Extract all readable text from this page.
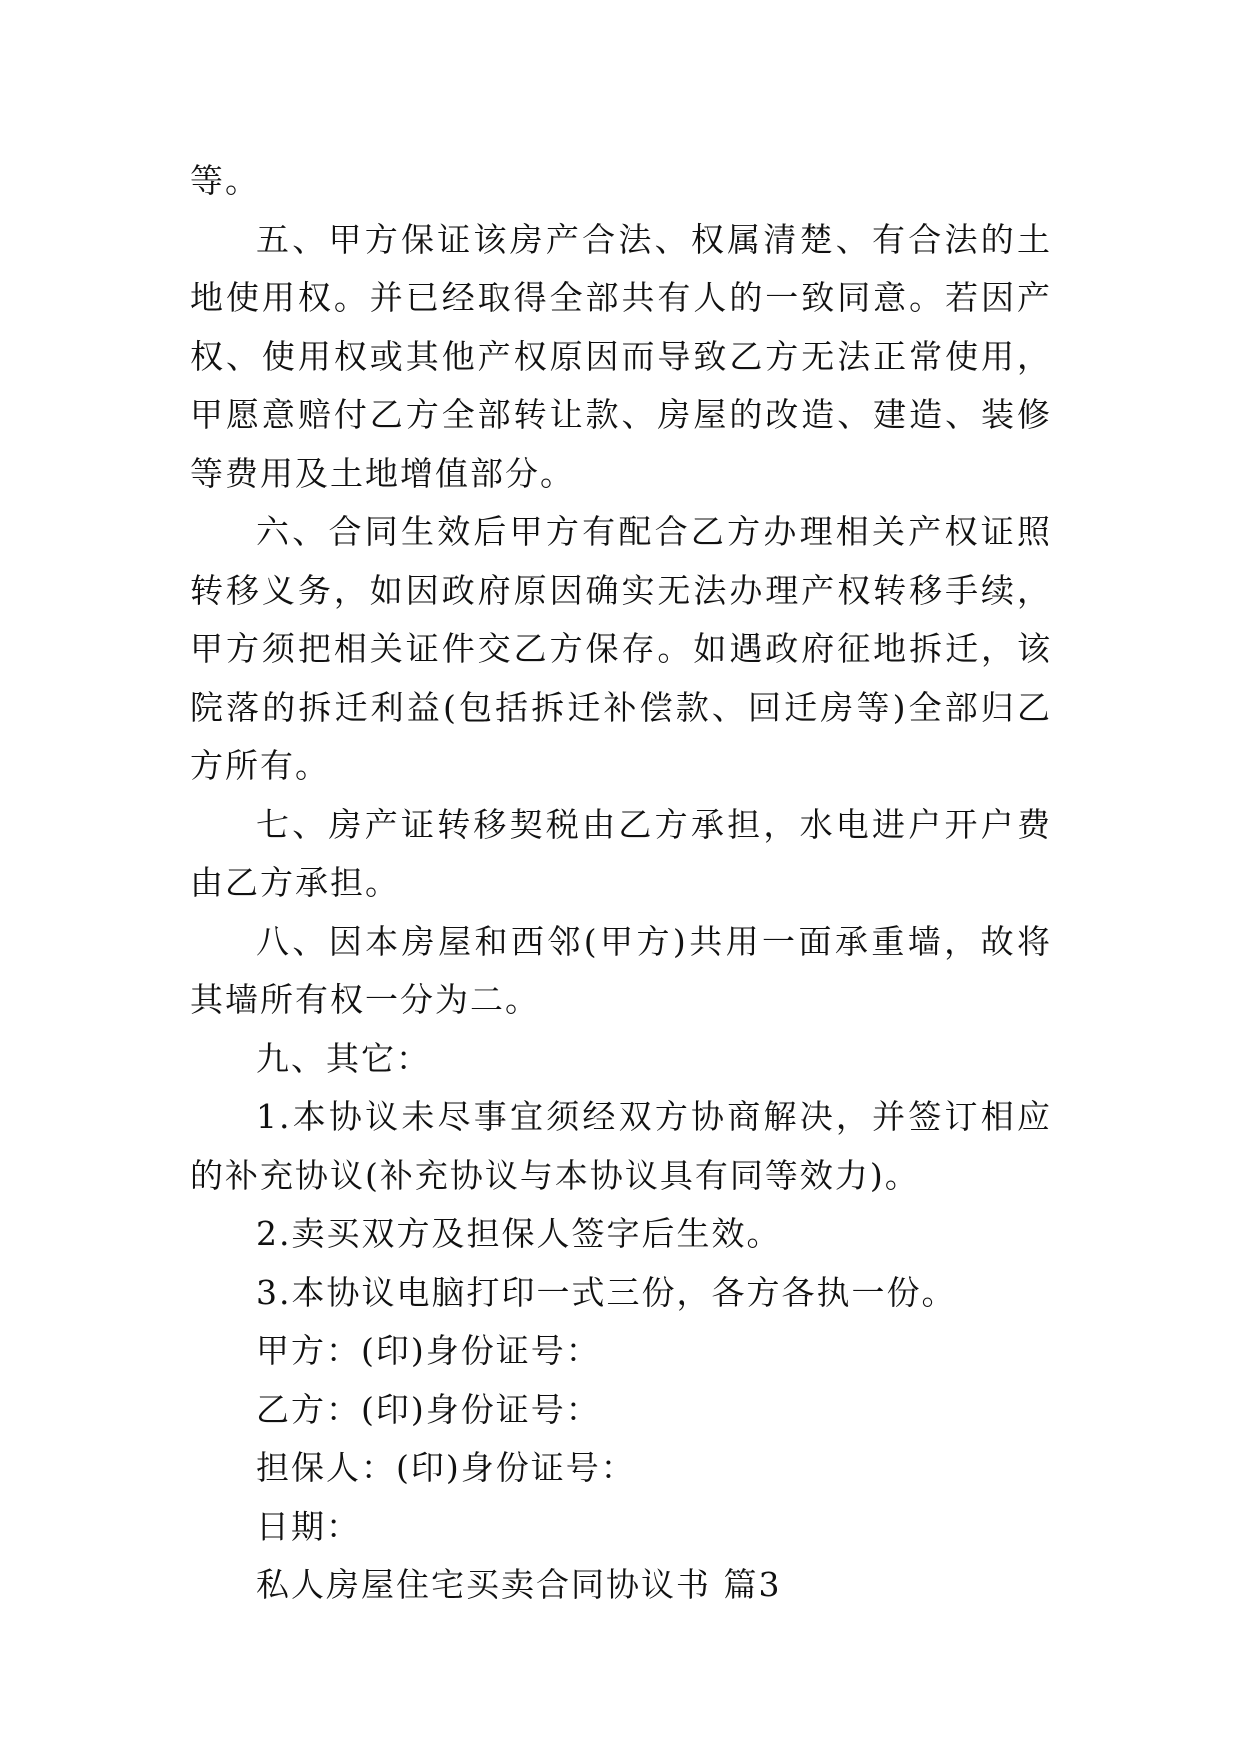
等。

五、甲方保证该房产合法、权属清楚、有合法的土地使用权。并已经取得全部共有人的一致同意。若因产权、使用权或其他产权原因而导致乙方无法正常使用，甲愿意赔付乙方全部转让款、房屋的改造、建造、装修等费用及土地增值部分。

六、合同生效后甲方有配合乙方办理相关产权证照转移义务，如因政府原因确实无法办理产权转移手续，甲方须把相关证件交乙方保存。如遇政府征地拆迁，该院落的拆迁利益(包括拆迁补偿款、回迁房等)全部归乙方所有。

七、房产证转移契税由乙方承担，水电进户开户费由乙方承担。

八、因本房屋和西邻(甲方)共用一面承重墙，故将其墙所有权一分为二。

九、其它：

1.本协议未尽事宜须经双方协商解决，并签订相应的补充协议(补充协议与本协议具有同等效力)。

2.卖买双方及担保人签字后生效。

3.本协议电脑打印一式三份，各方各执一份。

甲方：(印)身份证号：

乙方：(印)身份证号：

担保人：(印)身份证号：

日期：

私人房屋住宅买卖合同协议书 篇3
